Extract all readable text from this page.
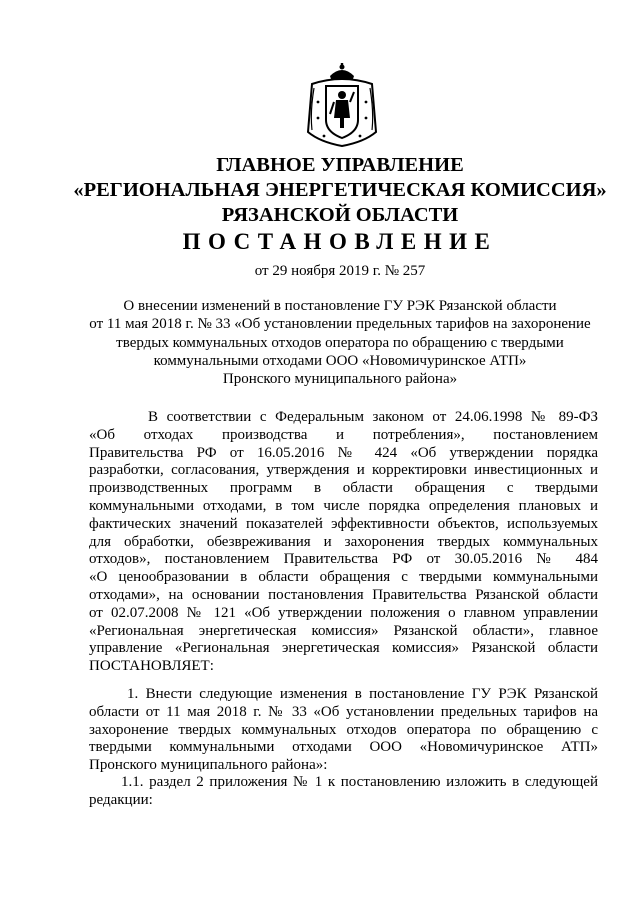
ГЛАВНОЕ УПРАВЛЕНИЕ
«РЕГИОНАЛЬНАЯ ЭНЕРГЕТИЧЕСКАЯ КОМИССИЯ»
РЯЗАНСКОЙ ОБЛАСТИ
ПОСТАНОВЛЕНИЕ
от 29 ноября 2019 г. № 257
О внесении изменений в постановление ГУ РЭК Рязанской области
от 11 мая 2018 г. № 33 «Об установлении предельных тарифов на захоронение
твердых коммунальных отходов оператора по обращению с твердыми
коммунальными отходами ООО «Новомичуринское АТП»
Пронского муниципального района»
В соответствии с Федеральным законом от 24.06.1998 № 89-ФЗ
«Об отходах производства и потребления», постановлением
Правительства РФ от 16.05.2016 № 424 «Об утверждении порядка
разработки, согласования, утверждения и корректировки инвестиционных и
производственных программ в области обращения с твердыми
коммунальными отходами, в том числе порядка определения плановых и
фактических значений показателей эффективности объектов, используемых
для обработки, обезвреживания и захоронения твердых коммунальных
отходов», постановлением Правительства РФ от 30.05.2016 № 484
«О ценообразовании в области обращения с твердыми коммунальными
отходами», на основании постановления Правительства Рязанской области
от 02.07.2008 № 121 «Об утверждении положения о главном управлении
«Региональная энергетическая комиссия» Рязанской области», главное
управление «Региональная энергетическая комиссия» Рязанской области
ПОСТАНОВЛЯЕТ:
1. Внести следующие изменения в постановление ГУ РЭК Рязанской
области от 11 мая 2018 г. № 33 «Об установлении предельных тарифов на
захоронение твердых коммунальных отходов оператора по обращению с
твердыми коммунальными отходами ООО «Новомичуринское АТП»
Пронского муниципального района»:
1.1. раздел 2 приложения № 1 к постановлению изложить в следующей
редакции:
